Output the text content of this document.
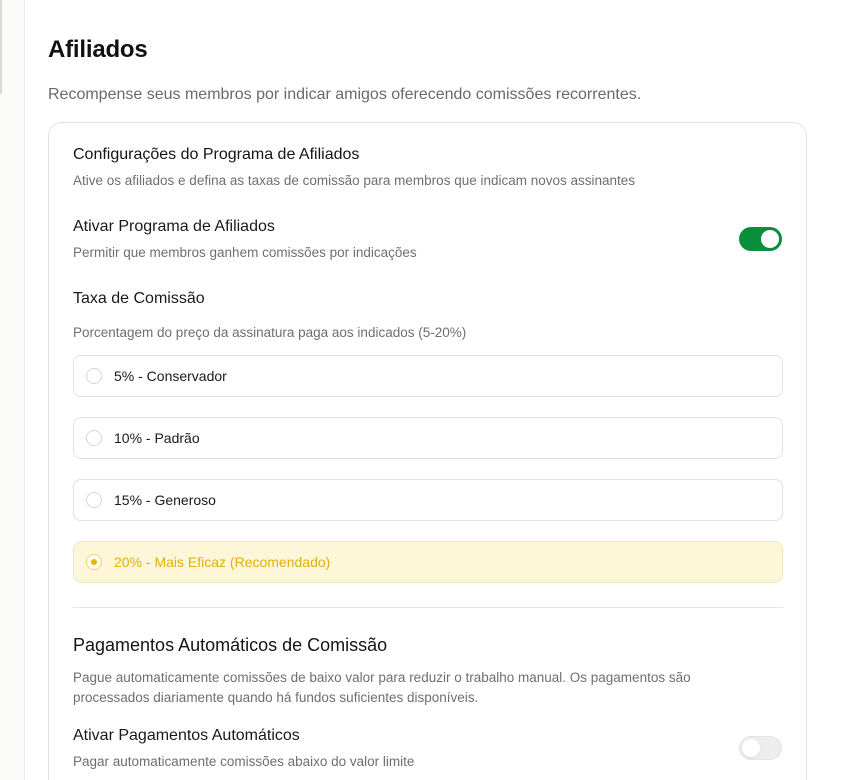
Afiliados
Recompense seus membros por indicar amigos oferecendo comissões recorrentes.
Configurações do Programa de Afiliados
Ative os afiliados e defina as taxas de comissão para membros que indicam novos assinantes
Ativar Programa de Afiliados
Permitir que membros ganhem comissões por indicações
Taxa de Comissão
Porcentagem do preço da assinatura paga aos indicados (5-20%)
5% - Conservador
10% - Padrão
15% - Generoso
20% - Mais Eficaz (Recomendado)
Pagamentos Automáticos de Comissão
Pague automaticamente comissões de baixo valor para reduzir o trabalho manual. Os pagamentos são
processados diariamente quando há fundos suficientes disponíveis.
Ativar Pagamentos Automáticos
Pagar automaticamente comissões abaixo do valor limite
